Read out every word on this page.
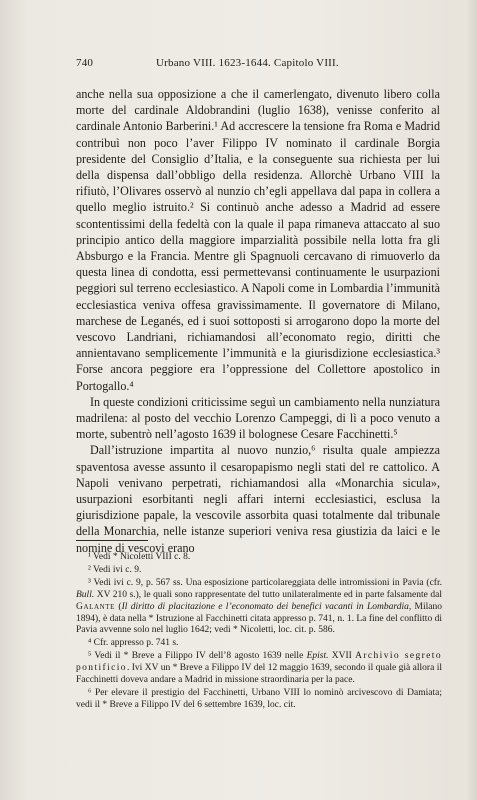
740	Urbano VIII. 1623-1644. Capitolo VIII.

anche nella sua opposizione a che il camerlengato, divenuto libero colla morte del cardinale Aldobrandini (luglio 1638), venisse conferito al cardinale Antonio Barberini.¹ Ad accrescere la tensione fra Roma e Madrid contribuì non poco l’aver Filippo IV nominato il cardinale Borgia presidente del Consiglio d’Italia, e la conseguente sua richiesta per lui della dispensa dall’obbligo della residenza. Allorchè Urbano VIII la rifiutò, l’Olivares osservò al nunzio ch’egli appellava dal papa in collera a quello meglio istruito.² Si continuò anche adesso a Madrid ad essere scontentissimi della fedeltà con la quale il papa rimaneva attaccato al suo principio antico della maggiore imparzialità possibile nella lotta fra gli Absburgo e la Francia. Mentre gli Spagnuoli cercavano di rimuoverlo da questa linea di condotta, essi permettevansi continuamente le usurpazioni peggiori sul terreno ecclesiastico. A Napoli come in Lombardia l’immunità ecclesiastica veniva offesa gravissimamente. Il governatore di Milano, marchese de Leganés, ed i suoi sottoposti si arrogarono dopo la morte del vescovo Landriani, richiamandosi all’economato regio, diritti che annientavano semplicemente l’immunità e la giurisdizione ecclesiastica.³ Forse ancora peggiore era l’oppressione del Collettore apostolico in Portogallo.⁴

In queste condizioni criticissime seguì un cambiamento nella nunziatura madrilena: al posto del vecchio Lorenzo Campeggi, di lì a poco venuto a morte, subentrò nell’agosto 1639 il bolognese Cesare Facchinetti.⁵

Dall’istruzione impartita al nuovo nunzio,⁶ risulta quale ampiezza spaventosa avesse assunto il cesaropapismo negli stati del re cattolico. A Napoli venivano perpetrati, richiamandosi alla «Monarchia sicula», usurpazioni esorbitanti negli affari interni ecclesiastici, esclusa la giurisdizione papale, la vescovile assorbita quasi totalmente dal tribunale della Monarchia, nelle istanze superiori veniva resa giustizia da laici e le nomine di vescovi erano

¹ Vedi * Nicoletti VIII c. 8.

² Vedi ivi c. 9.

³ Vedi ivi c. 9, p. 567 ss. Una esposizione particolareggiata delle intromissioni in Pavia (cfr. Bull. XV 210 s.), le quali sono rappresentate del tutto unilateralmente ed in parte falsamente dal Galante (Il diritto di placitazione e l’economato dei benefici vacanti in Lombardia, Milano 1894), è data nella * Istruzione al Facchinetti citata appresso p. 741, n. 1. La fine del conflitto di Pavia avvenne solo nel luglio 1642; vedi * Nicoletti, loc. cit. p. 586.

⁴ Cfr. appresso p. 741 s.

⁵ Vedi il * Breve a Filippo IV dell’8 agosto 1639 nelle Epist. XVII Archivio segreto pontificio. Ivi XV un * Breve a Filippo IV del 12 maggio 1639, secondo il quale già allora il Facchinetti doveva andare a Madrid in missione straordinaria per la pace.

⁶ Per elevare il prestigio del Facchinetti, Urbano VIII lo nominò arcivescovo di Damiata; vedi il * Breve a Filippo IV del 6 settembre 1639, loc. cit.
